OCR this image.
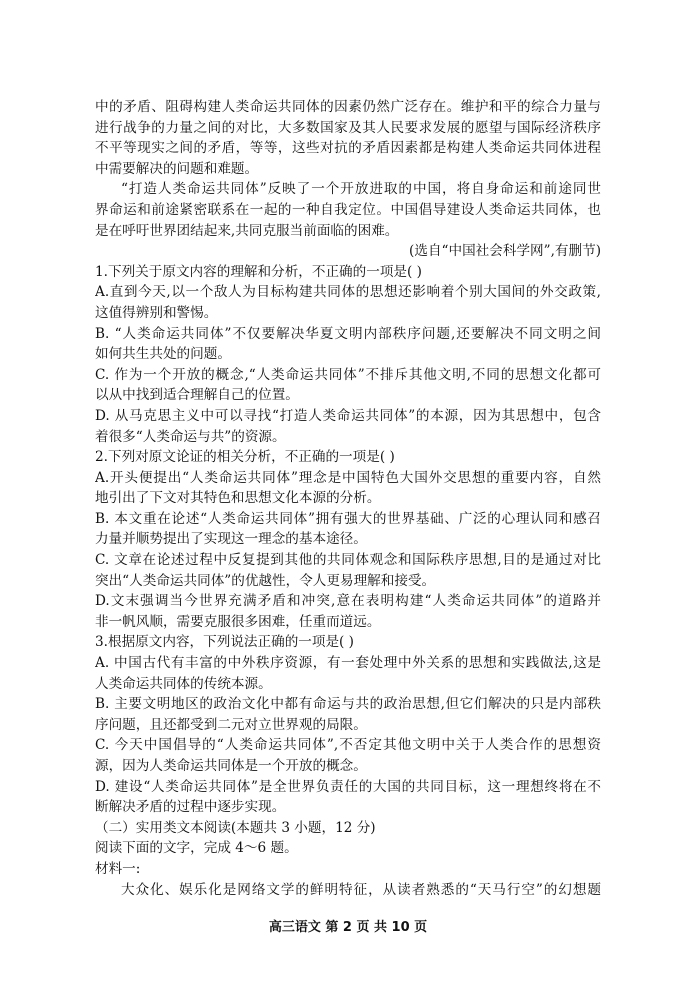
中的矛盾、阻碍构建人类命运共同体的因素仍然广泛存在。维护和平的综合力量与
进行战争的力量之间的对比，大多数国家及其人民要求发展的愿望与国际经济秩序
不平等现实之间的矛盾，等等，这些对抗的矛盾因素都是构建人类命运共同体进程
中需要解决的问题和难题。
“打造人类命运共同体”反映了一个开放进取的中国，将自身命运和前途同世
界命运和前途紧密联系在一起的一种自我定位。中国倡导建设人类命运共同体，也
是在呼吁世界团结起来,共同克服当前面临的困难。
(选自“中国社会科学网”,有删节)
1.下列关于原文内容的理解和分析，不正确的一项是( )
A.直到今天,以一个敌人为目标构建共同体的思想还影响着个别大国间的外交政策,
这值得辨别和警惕。
B. “人类命运共同体”不仅要解决华夏文明内部秩序问题,还要解决不同文明之间
如何共生共处的问题。
C. 作为一个开放的概念,“人类命运共同体”不排斥其他文明,不同的思想文化都可
以从中找到适合理解自己的位置。
D. 从马克思主义中可以寻找“打造人类命运共同体”的本源，因为其思想中，包含
着很多“人类命运与共”的资源。
2.下列对原文论证的相关分析，不正确的一项是( )
A.开头便提出“人类命运共同体”理念是中国特色大国外交思想的重要内容，自然
地引出了下文对其特色和思想文化本源的分析。
B. 本文重在论述“人类命运共同体”拥有强大的世界基础、广泛的心理认同和感召
力量并顺势提出了实现这一理念的基本途径。
C. 文章在论述过程中反复提到其他的共同体观念和国际秩序思想,目的是通过对比
突出“人类命运共同体”的优越性，令人更易理解和接受。
D.文末强调当今世界充满矛盾和冲突,意在表明构建“人类命运共同体”的道路并
非一帆风顺，需要克服很多困难，任重而道远。
3.根据原文内容，下列说法正确的一项是( )
A. 中国古代有丰富的中外秩序资源，有一套处理中外关系的思想和实践做法,这是
人类命运共同体的传统本源。
B. 主要文明地区的政治文化中都有命运与共的政治思想,但它们解决的只是内部秩
序问题，且还都受到二元对立世界观的局限。
C. 今天中国倡导的“人类命运共同体”,不否定其他文明中关于人类合作的思想资
源，因为人类命运共同体是一个开放的概念。
D. 建设“人类命运共同体”是全世界负责任的大国的共同目标，这一理想终将在不
断解决矛盾的过程中逐步实现。
（二）实用类文本阅读(本题共 3 小题，12 分)
阅读下面的文字，完成 4～6 题。
材料一:
大众化、娱乐化是网络文学的鲜明特征，从读者熟悉的“天马行空”的幻想题
高三语文 第 2 页 共 10 页
